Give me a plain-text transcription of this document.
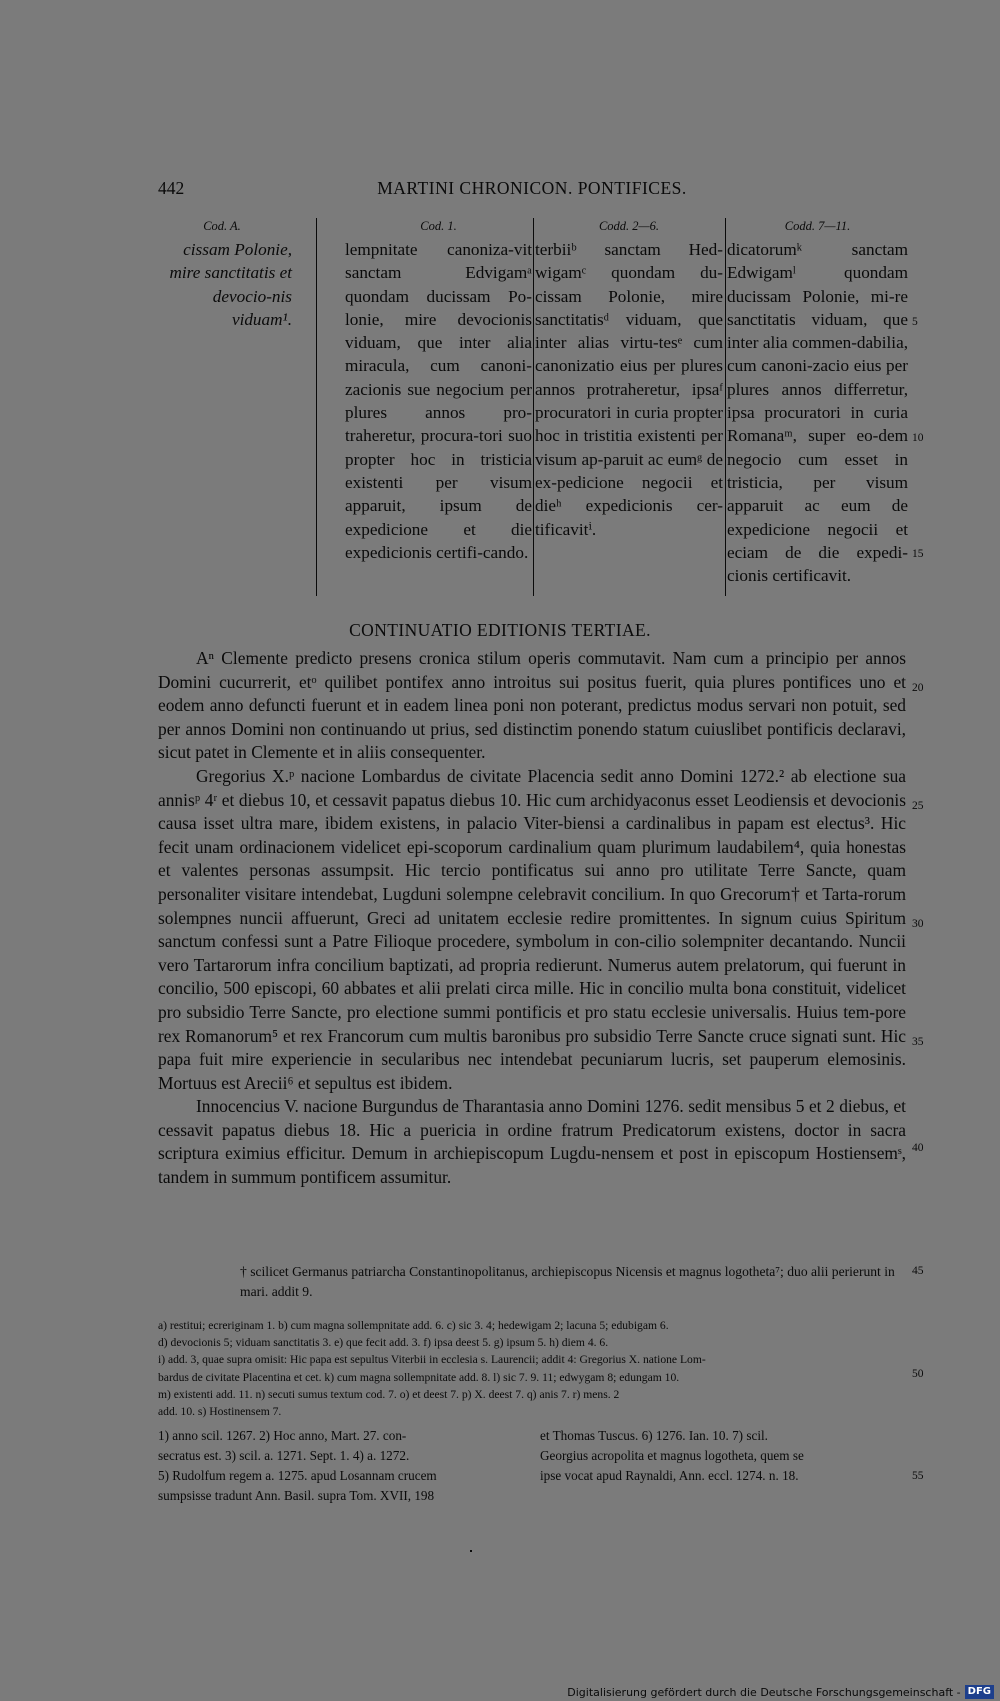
442	MARTINI CHRONICON. PONTIFICES.
Cod. A.
cissam Polonie, mire sanctitatis et devocio-nis viduam¹.
Cod. 1.
lempnitate canoniza-vit sanctam Edvigamᵃ quondam ducissam Po-lonie, mire devocionis viduam, que inter alia miracula, cum canoni-zacionis sue negocium per plures annos pro-traheretur, procura-tori suo propter hoc in tristicia existenti per visum apparuit, ipsum de expedicione et die expedicionis certifi-cando.
Codd. 2—6.
terbiiᵇ sanctam Hed-wigamᶜ quondam du-cissam Polonie, mire sanctitatisᵈ viduam, que inter alias virtu-tesᵉ cum canonizatio eius per plures annos protraheretur, ipsaᶠ procuratori in curia propter hoc in tristitia existenti per visum ap-paruit ac eumᵍ de ex-pedicione negocii et dieʰ expedicionis cer-tificavitⁱ.
Codd. 7—11.
dicatorumᵏ sanctam Edwigamˡ quondam ducissam Polonie, mi-re sanctitatis viduam, que inter alia commen-dabilia, cum canoni-zacio eius per plures annos differretur, ipsa procuratori in curia Romanaᵐ, super eo-dem negocio cum esset in tristicia, per visum apparuit ac eum de expedicione negocii et eciam de die expedi-cionis certificavit.
5
10
15
20
25
30
35
40
45
50
55
CONTINUATIO EDITIONIS TERTIAE.

Aⁿ Clemente predicto presens cronica stilum operis commutavit. Nam cum a principio per annos Domini cucurrerit, etᵒ quilibet pontifex anno introitus sui positus fuerit, quia plures pontifices uno et eodem anno defuncti fuerunt et in eadem linea poni non poterant, predictus modus servari non potuit, sed per annos Domini non continuando ut prius, sed distinctim ponendo statum cuiuslibet pontificis declaravi, sicut patet in Clemente et in aliis consequenter.

Gregorius X.ᵖ nacione Lombardus de civitate Placencia sedit anno Domini 1272.² ab electione sua annisᵖ 4ʳ et diebus 10, et cessavit papatus diebus 10. Hic cum archidyaconus esset Leodiensis et devocionis causa isset ultra mare, ibidem existens, in palacio Viter-biensi a cardinalibus in papam est electus³. Hic fecit unam ordinacionem videlicet epi-scoporum cardinalium quam plurimum laudabilem⁴, quia honestas et valentes personas assumpsit. Hic tercio pontificatus sui anno pro utilitate Terre Sancte, quam personaliter visitare intendebat, Lugduni solempne celebravit concilium. In quo Grecorum† et Tarta-rorum solempnes nuncii affuerunt, Greci ad unitatem ecclesie redire promittentes. In signum cuius Spiritum sanctum confessi sunt a Patre Filioque procedere, symbolum in con-cilio solempniter decantando. Nuncii vero Tartarorum infra concilium baptizati, ad propria redierunt. Numerus autem prelatorum, qui fuerunt in concilio, 500 episcopi, 60 abbates et alii prelati circa mille. Hic in concilio multa bona constituit, videlicet pro subsidio Terre Sancte, pro electione summi pontificis et pro statu ecclesie universalis. Huius tem-pore rex Romanorum⁵ et rex Francorum cum multis baronibus pro subsidio Terre Sancte cruce signati sunt. Hic papa fuit mire experiencie in secularibus nec intendebat pecuniarum lucris, set pauperum elemosinis. Mortuus est Arecii⁶ et sepultus est ibidem.

Innocencius V. nacione Burgundus de Tharantasia anno Domini 1276. sedit mensibus 5 et 2 diebus, et cessavit papatus diebus 18. Hic a puericia in ordine fratrum Predicatorum existens, doctor in sacra scriptura eximius efficitur. Demum in archiepiscopum Lugdu-nensem et post in episcopum Hostiensemˢ, tandem in summum pontificem assumitur.

† scilicet Germanus patriarcha Constantinopolitanus, archiepiscopus Nicensis et magnus logotheta⁷; duo alii perierunt in mari. addit 9.

a) restitui; ecreriginam 1. b) cum magna sollempnitate add. 6. c) sic 3. 4; hedewigam 2; lacuna 5; edubigam 6.

d) devocionis 5; viduam sanctitatis 3. e) que fecit add. 3. f) ipsa deest 5. g) ipsum 5. h) diem 4. 6.

i) add. 3, quae supra omisit: Hic papa est sepultus Viterbii in ecclesia s. Laurencii; addit 4: Gregorius X. natione Lom-

bardus de civitate Placentina et cet. k) cum magna sollempnitate add. 8. l) sic 7. 9. 11; edwygam 8; edungam 10.

m) existenti add. 11. n) secuti sumus textum cod. 7. o) et deest 7. p) X. deest 7. q) anis 7. r) mens. 2

add. 10. s) Hostinensem 7.

1) anno scil. 1267. 2) Hoc anno, Mart. 27. con-

secratus est. 3) scil. a. 1271. Sept. 1. 4) a. 1272.

5) Rudolfum regem a. 1275. apud Losannam crucem

sumpsisse tradunt Ann. Basil. supra Tom. XVII, 198

et Thomas Tuscus. 6) 1276. Ian. 10. 7) scil.

Georgius acropolita et magnus logotheta, quem se

ipse vocat apud Raynaldi, Ann. eccl. 1274. n. 18.

Digitalisierung gefördert durch die Deutsche Forschungsgemeinschaft - DFG
